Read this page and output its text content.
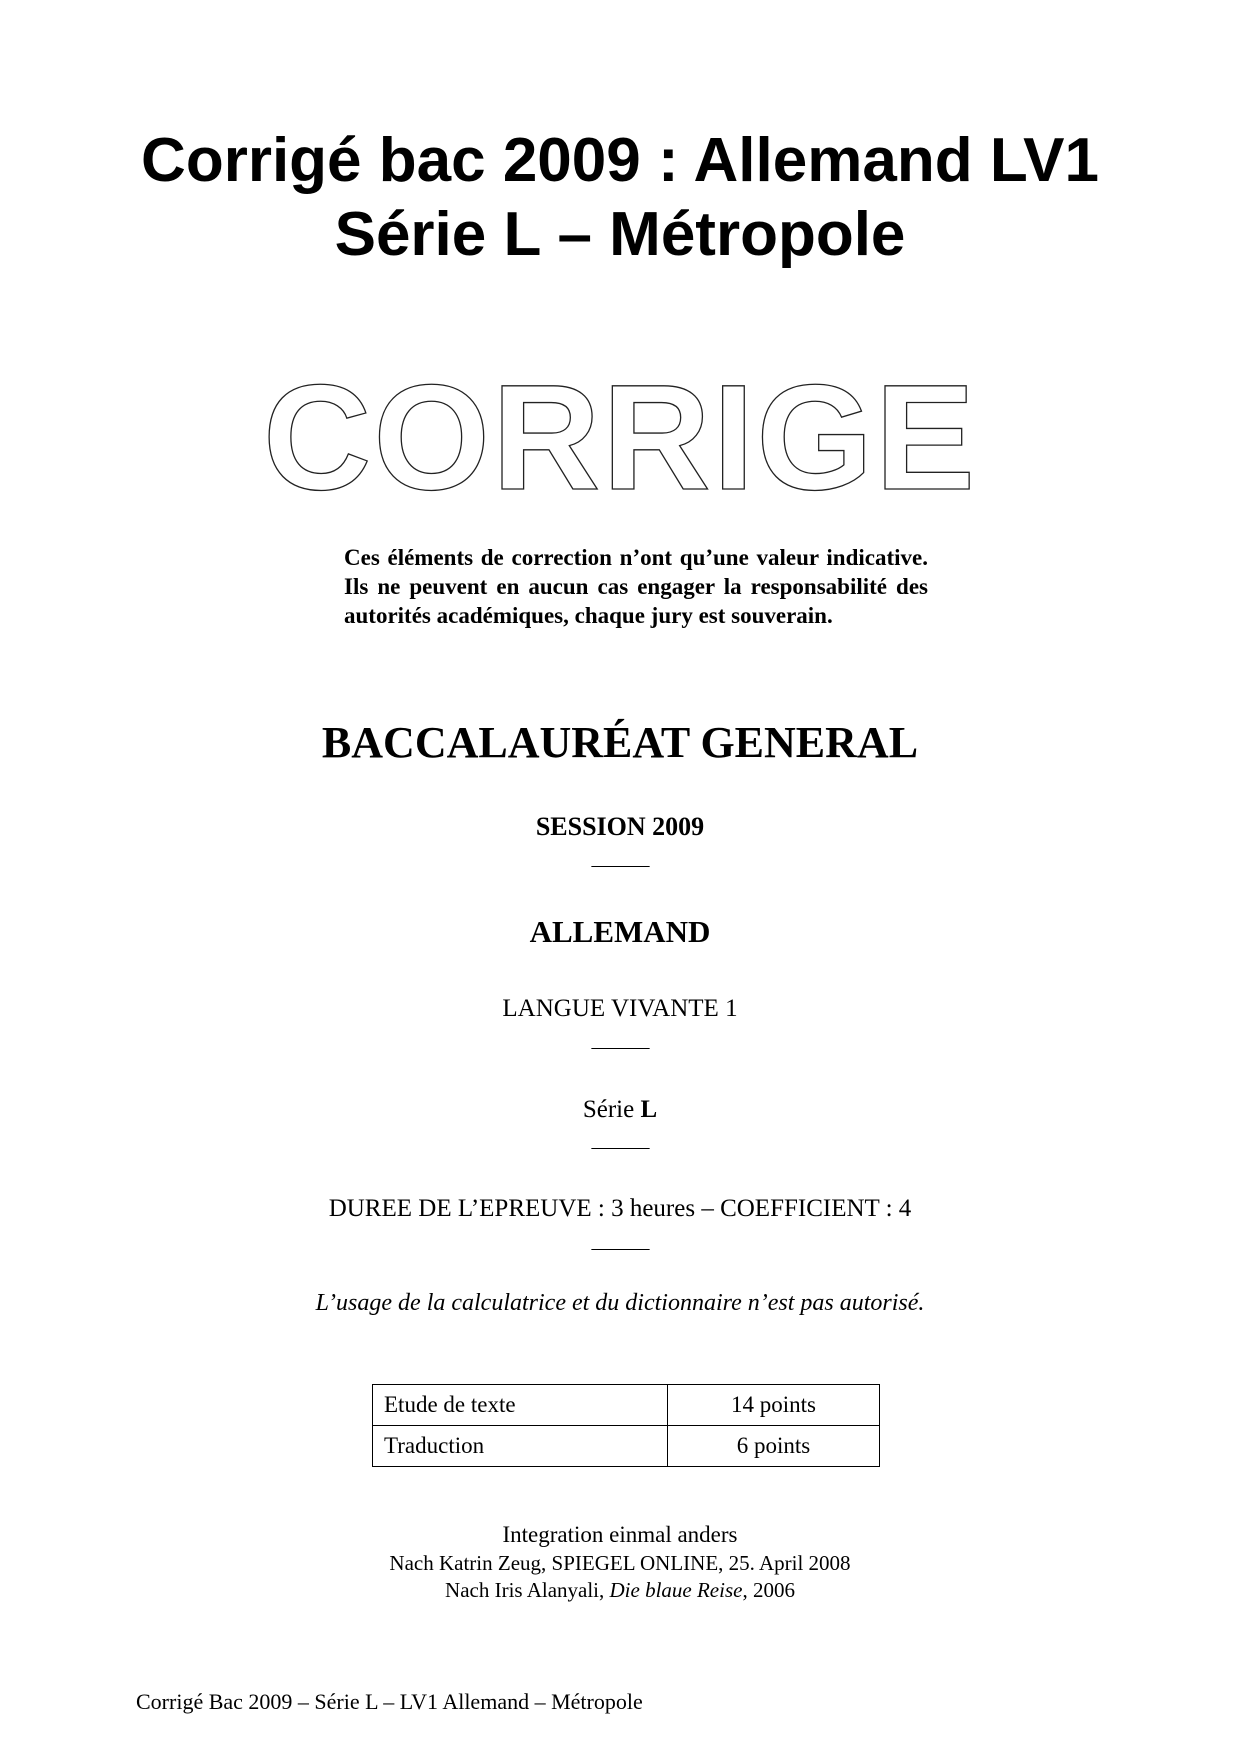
Corrigé bac 2009 : Allemand LV1
Série L – Métropole
CORRIGE
Ces éléments de correction n’ont qu’une valeur indicative. Ils ne peuvent en aucun cas engager la responsabilité des autorités académiques, chaque jury est souverain.
BACCALAURÉAT GENERAL
SESSION 2009
———
ALLEMAND
LANGUE VIVANTE 1
———
Série L
———
DUREE DE L’EPREUVE : 3 heures – COEFFICIENT : 4
———
L’usage de la calculatrice et du dictionnaire n’est pas autorisé.
Etude de texte	14 points
Traduction	6 points
Integration einmal anders
Nach Katrin Zeug, SPIEGEL ONLINE, 25. April 2008
Nach Iris Alanyali, Die blaue Reise, 2006
Corrigé Bac 2009 – Série L – LV1 Allemand – Métropole
